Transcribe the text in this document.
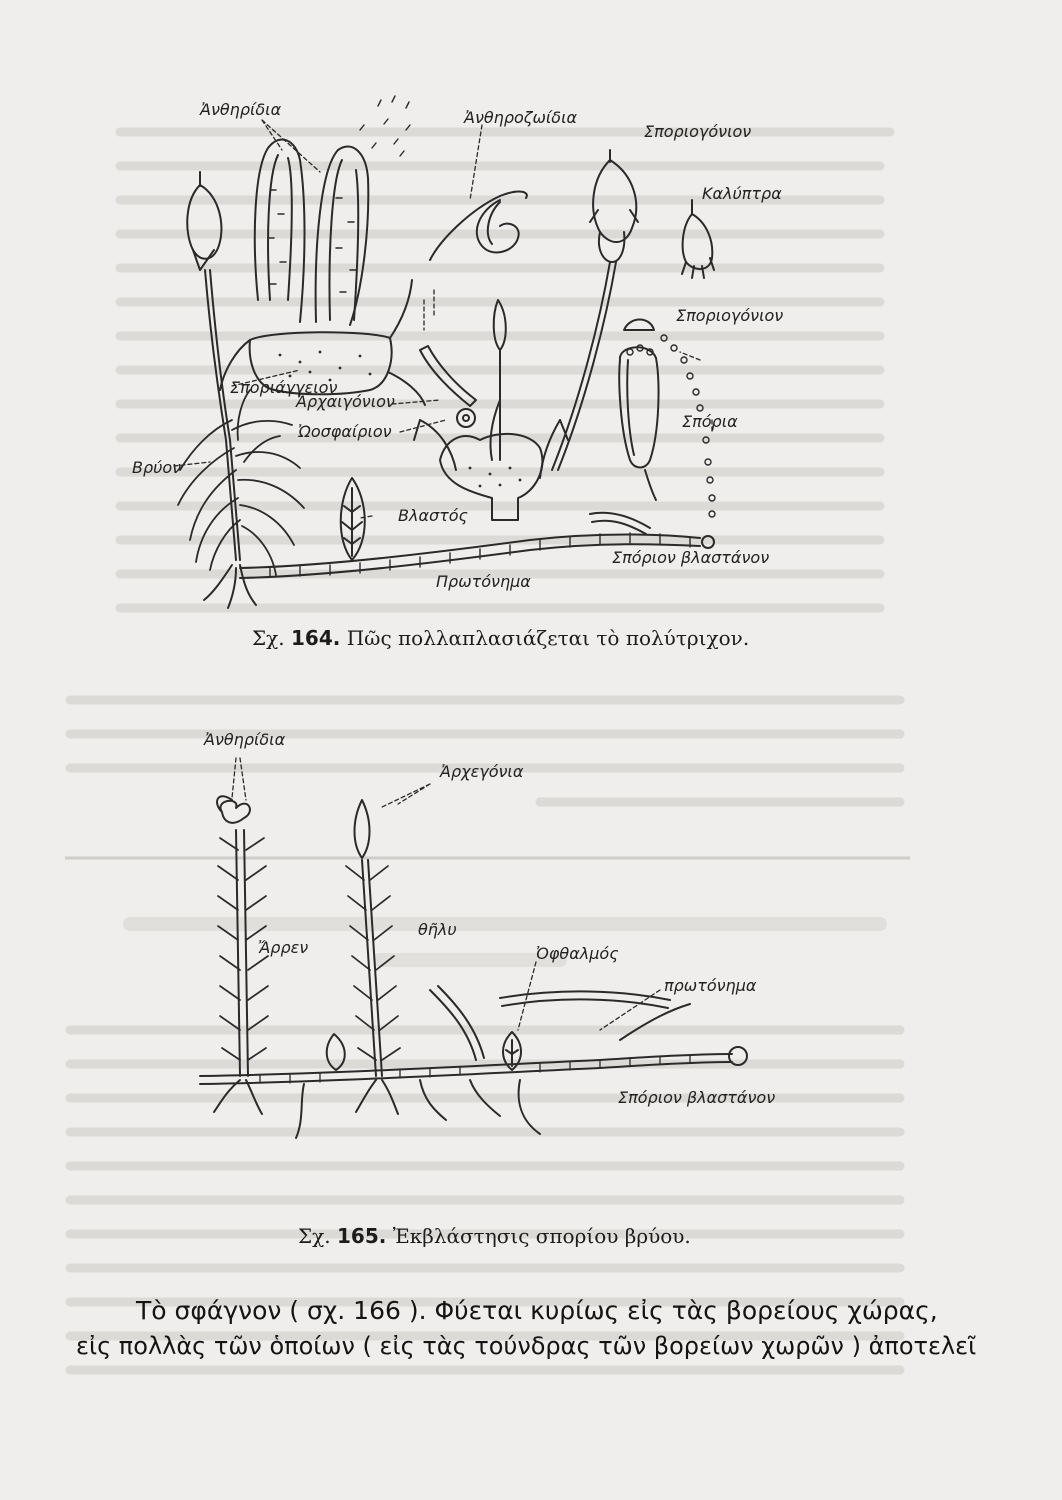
Ἀνθηρίδια	Ἀνθηροζωίδια
Σποριογόνιον
Καλύπτρα
Σποριογόνιον
Σπόρια
Σποριάγγειον
Ἀρχαιγόνιον
Ὠοσφαίριον
Βρύον
Βλαστός
Σπόριον βλαστάνον
Πρωτόνημα
Σχ. 164. Πῶς πολλαπλασιάζεται τὸ πολύτριχον.
Ἀνθηρίδια
Ἀρχεγόνια
Ἄρρεν
θῆλυ
Ὀφθαλμός
πρωτόνημα
Σπόριον βλαστάνον
Σχ. 165. Ἐκβλάστησις σπορίου βρύου.
Τὸ σφάγνον ( σχ. 166 ). Φύεται κυρίως εἰς τὰς βορείους χώρας,
εἰς πολλὰς τῶν ὁποίων ( εἰς τὰς τούνδρας τῶν βορείων χωρῶν ) ἀποτελεῖ
